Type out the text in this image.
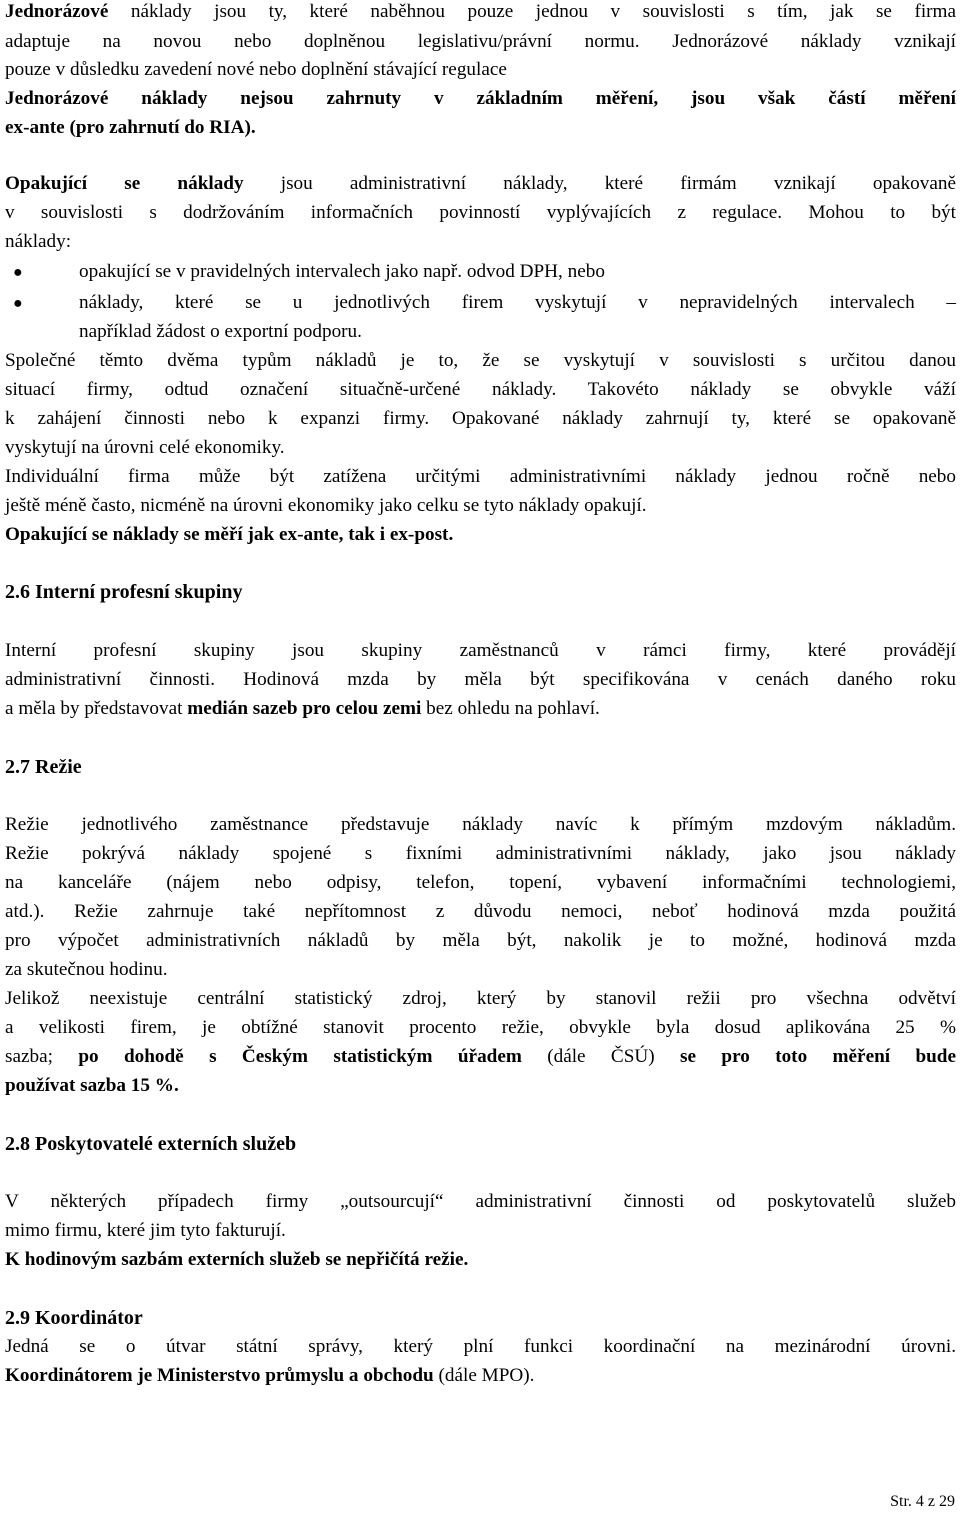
Jednorázové náklady jsou ty, které naběhnou pouze jednou v souvislosti s tím, jak se firma
adaptuje na novou nebo doplněnou legislativu/právní normu. Jednorázové náklady vznikají
pouze v důsledku zavedení nové nebo doplnění stávající regulace
Jednorázové náklady nejsou zahrnuty v základním měření, jsou však částí měření
ex-ante (pro zahrnutí do RIA).
Opakující se náklady jsou administrativní náklady, které firmám vznikají opakovaně
v souvislosti s dodržováním informačních povinností vyplývajících z regulace. Mohou to být
náklady:
●	opakující se v pravidelných intervalech jako např. odvod DPH, nebo
●	náklady, které se u jednotlivých firem vyskytují v nepravidelných intervalech –
například žádost o exportní podporu.
Společné těmto dvěma typům nákladů je to, že se vyskytují v souvislosti s určitou danou
situací firmy, odtud označení situačně-určené náklady. Takovéto náklady se obvykle váží
k zahájení činnosti nebo k expanzi firmy. Opakované náklady zahrnují ty, které se opakovaně
vyskytují na úrovni celé ekonomiky.
Individuální firma může být zatížena určitými administrativními náklady jednou ročně nebo
ještě méně často, nicméně na úrovni ekonomiky jako celku se tyto náklady opakují.
Opakující se náklady se měří jak ex-ante, tak i ex-post.
2.6 Interní profesní skupiny
Interní profesní skupiny jsou skupiny zaměstnanců v rámci firmy, které provádějí
administrativní činnosti. Hodinová mzda by měla být specifikována v cenách daného roku
a měla by představovat medián sazeb pro celou zemi bez ohledu na pohlaví.
2.7 Režie
Režie jednotlivého zaměstnance představuje náklady navíc k přímým mzdovým nákladům.
Režie pokrývá náklady spojené s fixními administrativními náklady, jako jsou náklady
na kanceláře (nájem nebo odpisy, telefon, topení, vybavení informačními technologiemi,
atd.). Režie zahrnuje také nepřítomnost z důvodu nemoci, neboť hodinová mzda použitá
pro výpočet administrativních nákladů by měla být, nakolik je to možné, hodinová mzda
za skutečnou hodinu.
Jelikož neexistuje centrální statistický zdroj, který by stanovil režii pro všechna odvětví
a velikosti firem, je obtížné stanovit procento režie, obvykle byla dosud aplikována 25 %
sazba; po dohodě s Českým statistickým úřadem (dále ČSÚ) se pro toto měření bude
používat sazba 15 %.
2.8 Poskytovatelé externích služeb
V některých případech firmy „outsourcují“ administrativní činnosti od poskytovatelů služeb
mimo firmu, které jim tyto fakturují.
K hodinovým sazbám externích služeb se nepřičítá režie.
2.9 Koordinátor
Jedná se o útvar státní správy, který plní funkci koordinační na mezinárodní úrovni.
Koordinátorem je Ministerstvo průmyslu a obchodu (dále MPO).
Str. 4 z 29
